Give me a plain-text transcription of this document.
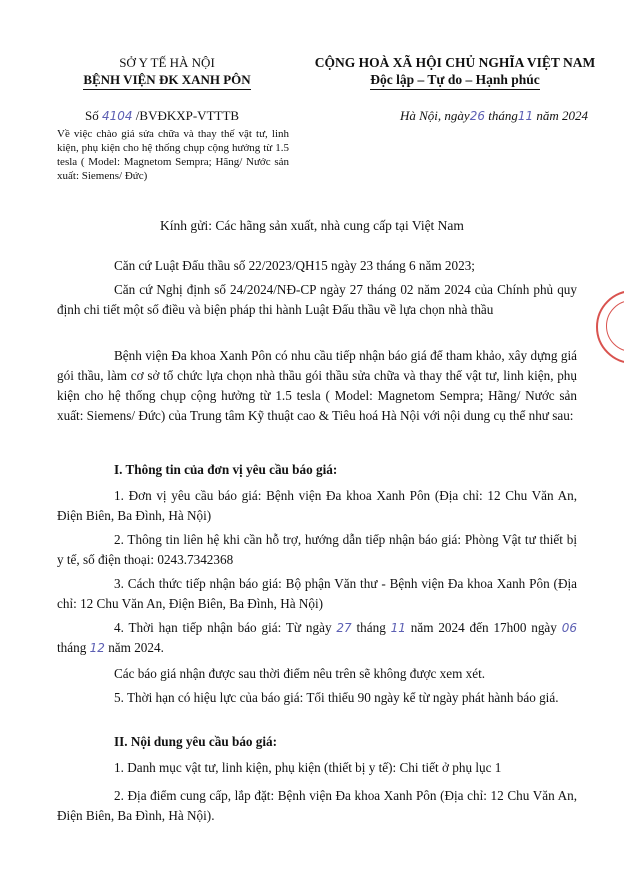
SỞ Y TẾ HÀ NỘI
BỆNH VIỆN ĐK XANH PÔN
CỘNG HOÀ XÃ HỘI CHỦ NGHĨA VIỆT NAM
Độc lập – Tự do – Hạnh phúc
Số 4104 /BVĐKXP-VTTTB	Hà Nội, ngày26 tháng11 năm 2024
Về việc chào giá sửa chữa và thay thế vật tư, linh kiện, phụ kiện cho hệ thống chụp cộng hưởng từ 1.5 tesla ( Model: Magnetom Sempra; Hãng/ Nước sản xuất: Siemens/ Đức)
Kính gửi: Các hãng sản xuất, nhà cung cấp tại Việt Nam
Căn cứ Luật Đấu thầu số 22/2023/QH15 ngày 23 tháng 6 năm 2023;
Căn cứ Nghị định số 24/2024/NĐ-CP ngày 27 tháng 02 năm 2024 của Chính phủ quy định chi tiết một số điều và biện pháp thi hành Luật Đấu thầu về lựa chọn nhà thầu
Bệnh viện Đa khoa Xanh Pôn có nhu cầu tiếp nhận báo giá để tham khảo, xây dựng giá gói thầu, làm cơ sở tổ chức lựa chọn nhà thầu gói thầu sửa chữa và thay thế vật tư, linh kiện, phụ kiện cho hệ thống chụp cộng hưởng từ 1.5 tesla ( Model: Magnetom Sempra; Hãng/ Nước sản xuất: Siemens/ Đức) của Trung tâm Kỹ thuật cao & Tiêu hoá Hà Nội với nội dung cụ thể như sau:
I. Thông tin của đơn vị yêu cầu báo giá:
1. Đơn vị yêu cầu báo giá: Bệnh viện Đa khoa Xanh Pôn (Địa chỉ: 12 Chu Văn An, Điện Biên, Ba Đình, Hà Nội)
2. Thông tin liên hệ khi cần hỗ trợ, hướng dẫn tiếp nhận báo giá: Phòng Vật tư thiết bị y tế, số điện thoại: 0243.7342368
3. Cách thức tiếp nhận báo giá: Bộ phận Văn thư - Bệnh viện Đa khoa Xanh Pôn (Địa chỉ: 12 Chu Văn An, Điện Biên, Ba Đình, Hà Nội)
4. Thời hạn tiếp nhận báo giá: Từ ngày 27 tháng 11 năm 2024 đến 17h00 ngày 06 tháng 12 năm 2024.
Các báo giá nhận được sau thời điểm nêu trên sẽ không được xem xét.
5. Thời hạn có hiệu lực của báo giá: Tối thiểu 90 ngày kể từ ngày phát hành báo giá.
II. Nội dung yêu cầu báo giá:
1. Danh mục vật tư, linh kiện, phụ kiện (thiết bị y tế): Chi tiết ở phụ lục 1
2. Địa điểm cung cấp, lắp đặt: Bệnh viện Đa khoa Xanh Pôn (Địa chỉ: 12 Chu Văn An, Điện Biên, Ba Đình, Hà Nội).
